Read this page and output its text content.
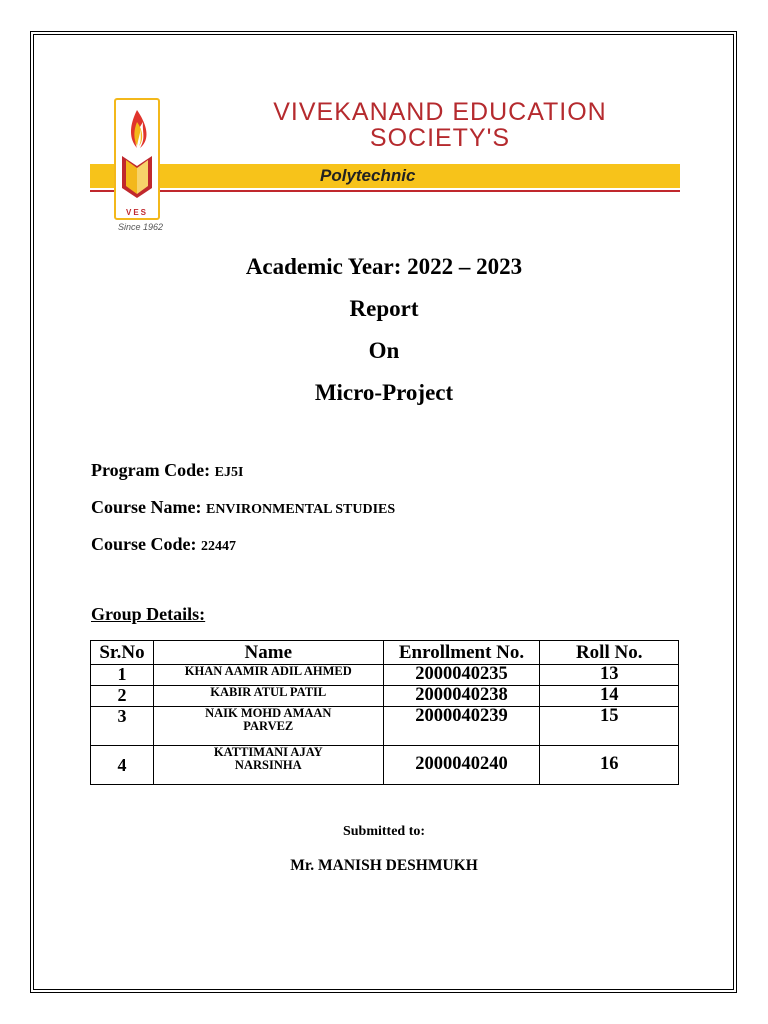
VES
Since 1962
VIVEKANAND EDUCATION
SOCIETY'S
Polytechnic
Academic Year: 2022 – 2023
Report
On
Micro-Project
Program Code: EJ5I
Course Name: ENVIRONMENTAL STUDIES
Course Code: 22447
Group Details:
Sr.No	Name	Enrollment No.	Roll No.
1	KHAN AAMIR ADIL AHMED	2000040235	13
2	KABIR ATUL PATIL	2000040238	14
3	NAIK MOHD AMAAN PARVEZ	2000040239	15
4	KATTIMANI AJAY NARSINHA	2000040240	16
Submitted to:
Mr. MANISH DESHMUKH
